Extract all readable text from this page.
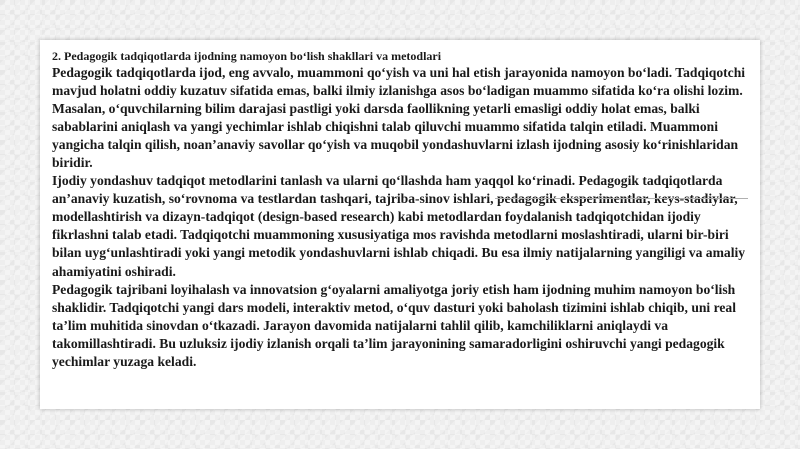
2. Pedagogik tadqiqotlarda ijodning namoyon bo‘lish shakllari va metodlari

Pedagogik tadqiqotlarda ijod, eng avvalo, muammoni qo‘yish va uni hal etish jarayonida namoyon bo‘ladi. Tadqiqotchi mavjud holatni oddiy kuzatuv sifatida emas, balki ilmiy izlanishga asos bo‘ladigan muammo sifatida ko‘ra olishi lozim. Masalan, o‘quvchilarning bilim darajasi pastligi yoki darsda faollikning yetarli emasligi oddiy holat emas, balki sabablarini aniqlash va yangi yechimlar ishlab chiqishni talab qiluvchi muammo sifatida talqin etiladi. Muammoni yangicha talqin qilish, noan’anaviy savollar qo‘yish va muqobil yondashuvlarni izlash ijodning asosiy ko‘rinishlaridan biridir.

Ijodiy yondashuv tadqiqot metodlarini tanlash va ularni qo‘llashda ham yaqqol ko‘rinadi. Pedagogik tadqiqotlarda an’anaviy kuzatish, so‘rovnoma va testlardan tashqari, tajriba-sinov ishlari, pedagogik eksperimentlar, keys-stadiylar, modellashtirish va dizayn-tadqiqot (design-based research) kabi metodlardan foydalanish tadqiqotchidan ijodiy fikrlashni talab etadi. Tadqiqotchi muammoning xususiyatiga mos ravishda metodlarni moslashtiradi, ularni bir-biri bilan uyg‘unlashtiradi yoki yangi metodik yondashuvlarni ishlab chiqadi. Bu esa ilmiy natijalarning yangiligi va amaliy ahamiyatini oshiradi.

Pedagogik tajribani loyihalash va innovatsion g‘oyalarni amaliyotga joriy etish ham ijodning muhim namoyon bo‘lish shaklidir. Tadqiqotchi yangi dars modeli, interaktiv metod, o‘quv dasturi yoki baholash tizimini ishlab chiqib, uni real ta’lim muhitida sinovdan o‘tkazadi. Jarayon davomida natijalarni tahlil qilib, kamchiliklarni aniqlaydi va takomillashtiradi. Bu uzluksiz ijodiy izlanish orqali ta’lim jarayonining samaradorligini oshiruvchi yangi pedagogik yechimlar yuzaga keladi.
